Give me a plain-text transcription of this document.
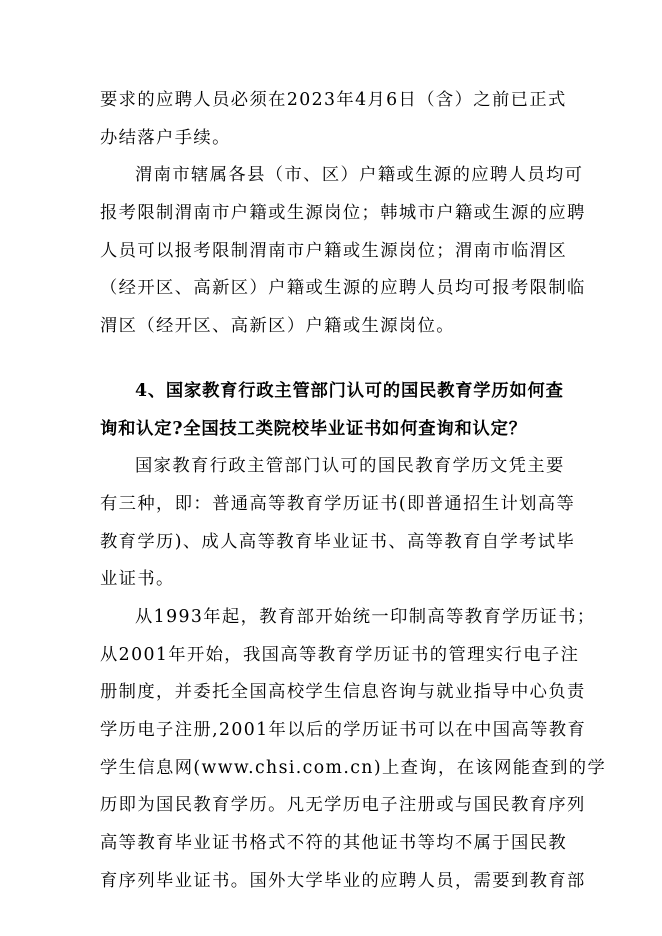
要求的应聘人员必须在2023年4月6日（含）之前已正式
办结落户手续。
渭南市辖属各县（市、区）户籍或生源的应聘人员均可
报考限制渭南市户籍或生源岗位；韩城市户籍或生源的应聘
人员可以报考限制渭南市户籍或生源岗位；渭南市临渭区
（经开区、高新区）户籍或生源的应聘人员均可报考限制临
渭区（经开区、高新区）户籍或生源岗位。
4、国家教育行政主管部门认可的国民教育学历如何查
询和认定?全国技工类院校毕业证书如何查询和认定？
国家教育行政主管部门认可的国民教育学历文凭主要
有三种，即：普通高等教育学历证书(即普通招生计划高等
教育学历)、成人高等教育毕业证书、高等教育自学考试毕
业证书。
从1993年起，教育部开始统一印制高等教育学历证书；
从2001年开始，我国高等教育学历证书的管理实行电子注
册制度，并委托全国高校学生信息咨询与就业指导中心负责
学历电子注册,2001年以后的学历证书可以在中国高等教育
学生信息网(www.chsi.com.cn)上查询，在该网能查到的学
历即为国民教育学历。凡无学历电子注册或与国民教育序列
高等教育毕业证书格式不符的其他证书等均不属于国民教
育序列毕业证书。国外大学毕业的应聘人员，需要到教育部
